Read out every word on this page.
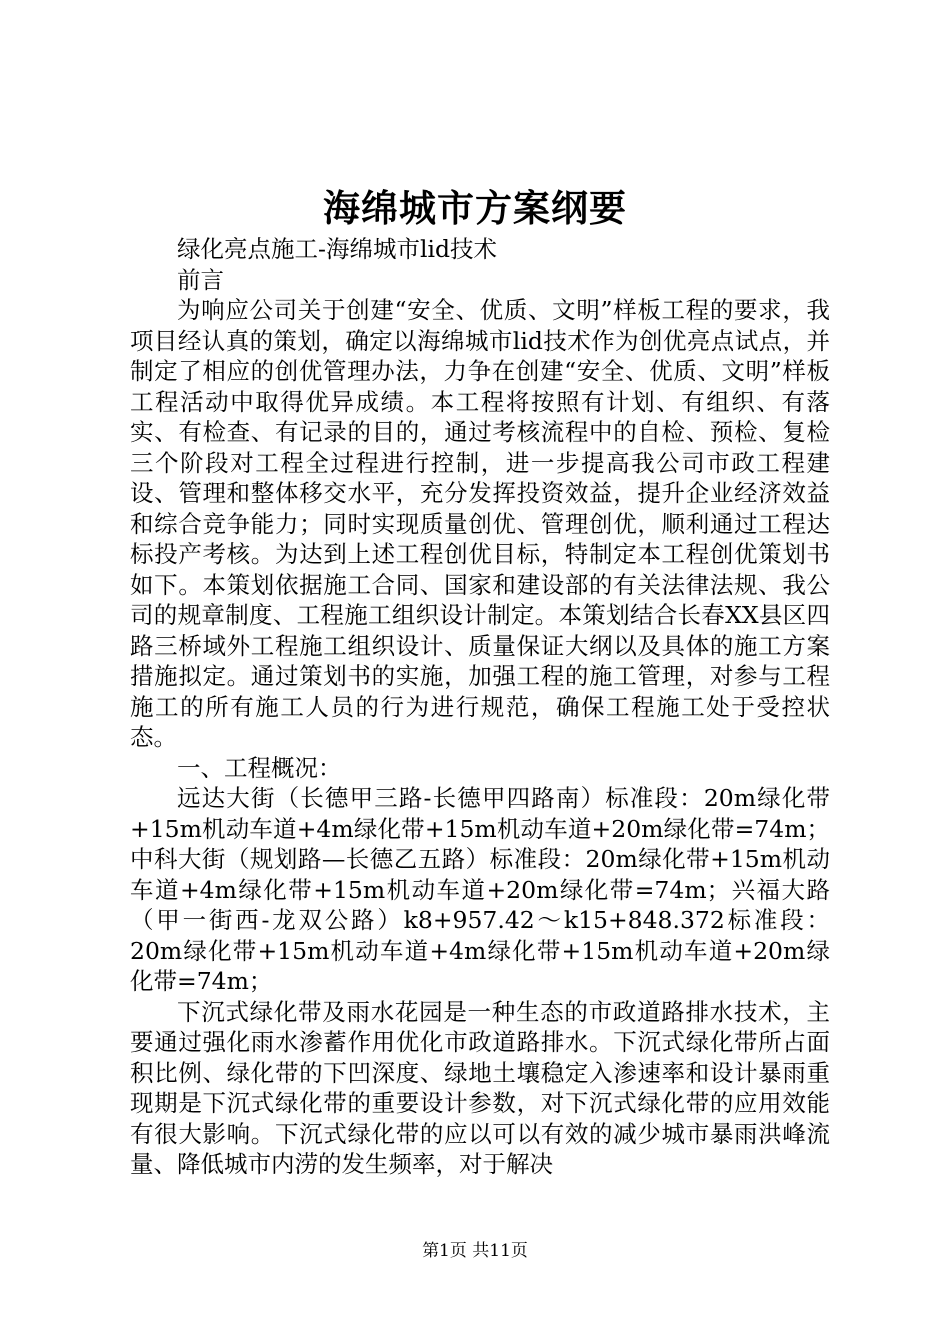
海绵城市方案纲要

绿化亮点施工-海绵城市lid技术

前言

为响应公司关于创建“安全、优质、文明”样板工程的要求，我项目经认真的策划，确定以海绵城市lid技术作为创优亮点试点，并制定了相应的创优管理办法，力争在创建“安全、优质、文明”样板工程活动中取得优异成绩。本工程将按照有计划、有组织、有落实、有检查、有记录的目的，通过考核流程中的自检、预检、复检三个阶段对工程全过程进行控制，进一步提高我公司市政工程建设、管理和整体移交水平，充分发挥投资效益，提升企业经济效益和综合竞争能力；同时实现质量创优、管理创优，顺利通过工程达标投产考核。为达到上述工程创优目标，特制定本工程创优策划书如下。本策划依据施工合同、国家和建设部的有关法律法规、我公司的规章制度、工程施工组织设计制定。本策划结合长春XX县区四路三桥域外工程施工组织设计、质量保证大纲以及具体的施工方案措施拟定。通过策划书的实施，加强工程的施工管理，对参与工程施工的所有施工人员的行为进行规范，确保工程施工处于受控状态。

一、工程概况：

远达大街（长德甲三路-长德甲四路南）标准段：20m绿化带+15m机动车道+4m绿化带+15m机动车道+20m绿化带=74m；中科大街（规划路—长德乙五路）标准段：20m绿化带+15m机动车道+4m绿化带+15m机动车道+20m绿化带=74m；兴福大路（甲一街西-龙双公路）k8+957.42～k15+848.372标准段：20m绿化带+15m机动车道+4m绿化带+15m机动车道+20m绿化带=74m；

下沉式绿化带及雨水花园是一种生态的市政道路排水技术，主要通过强化雨水渗蓄作用优化市政道路排水。下沉式绿化带所占面积比例、绿化带的下凹深度、绿地土壤稳定入渗速率和设计暴雨重现期是下沉式绿化带的重要设计参数，对下沉式绿化带的应用效能有很大影响。下沉式绿化带的应以可以有效的减少城市暴雨洪峰流量、降低城市内涝的发生频率，对于解决

第1页 共11页
